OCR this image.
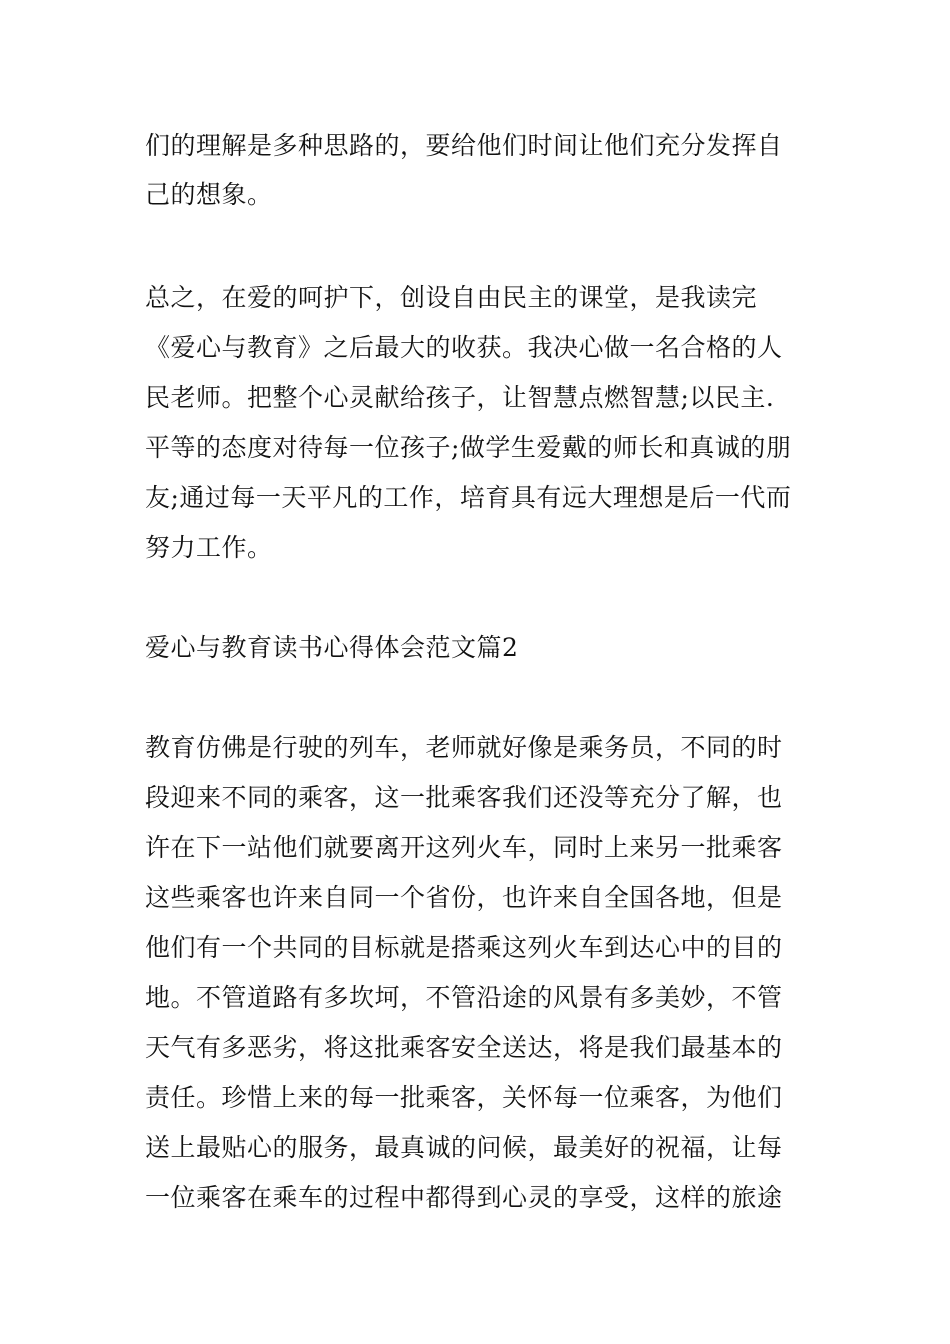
们的理解是多种思路的，要给他们时间让他们充分发挥自
己的想象。
总之，在爱的呵护下，创设自由民主的课堂，是我读完
《爱心与教育》之后最大的收获。我决心做一名合格的人
民老师。把整个心灵献给孩子，让智慧点燃智慧;以民主.
平等的态度对待每一位孩子;做学生爱戴的师长和真诚的朋
友;通过每一天平凡的工作，培育具有远大理想是后一代而
努力工作。
爱心与教育读书心得体会范文篇2
教育仿佛是行驶的列车，老师就好像是乘务员，不同的时
段迎来不同的乘客，这一批乘客我们还没等充分了解，也
许在下一站他们就要离开这列火车，同时上来另一批乘客
这些乘客也许来自同一个省份，也许来自全国各地，但是
他们有一个共同的目标就是搭乘这列火车到达心中的目的
地。不管道路有多坎坷，不管沿途的风景有多美妙，不管
天气有多恶劣，将这批乘客安全送达，将是我们最基本的
责任。珍惜上来的每一批乘客，关怀每一位乘客，为他们
送上最贴心的服务，最真诚的问候，最美好的祝福，让每
一位乘客在乘车的过程中都得到心灵的享受，这样的旅途
